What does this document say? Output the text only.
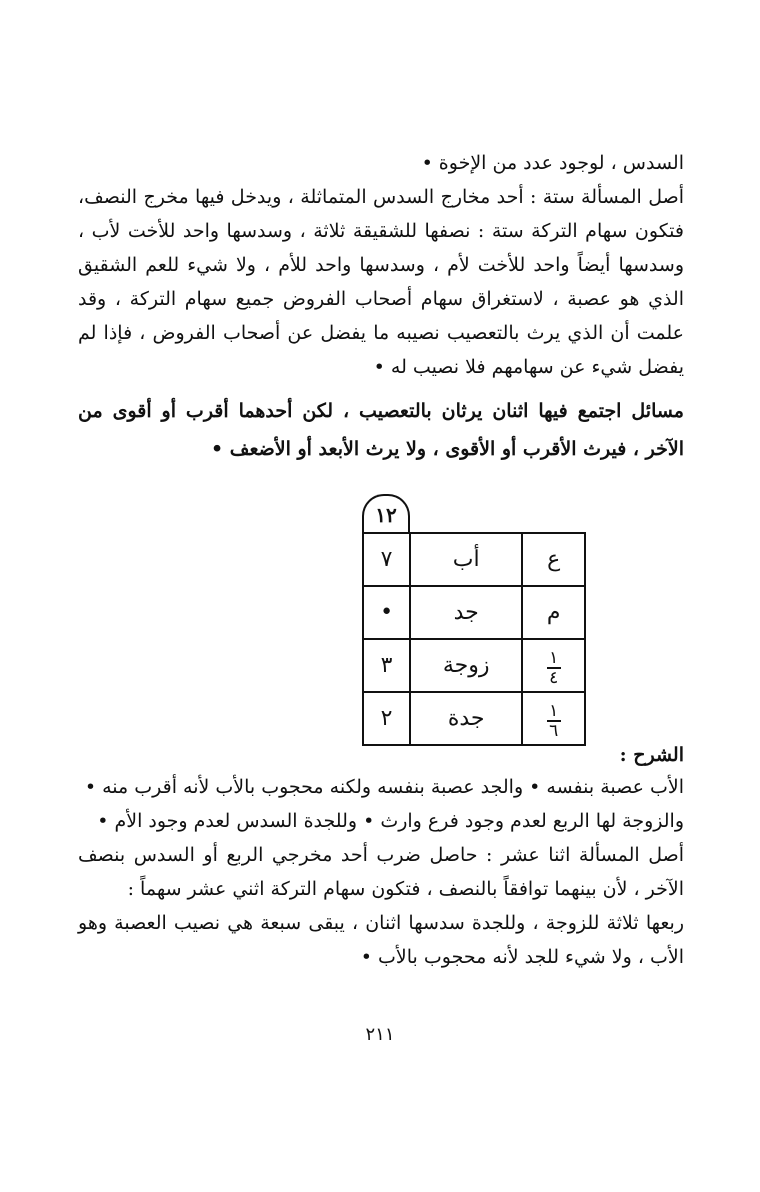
السدس ، لوجود عدد من الإخوة •

أصل المسألة ستة : أحد مخارج السدس المتماثلة ، ويدخل فيها مخرج النصف، فتكون سهام التركة ستة : نصفها للشقيقة ثلاثة ، وسدسها واحد للأخت لأب ، وسدسها أيضاً واحد للأخت لأم ، وسدسها واحد للأم ، ولا شيء للعم الشقيق الذي هو عصبة ، لاستغراق سهام أصحاب الفروض جميع سهام التركة ، وقد علمت أن الذي يرث بالتعصيب نصيبه ما يفضل عن أصحاب الفروض ، فإذا لم يفضل شيء عن سهامهم فلا نصيب له •

مسائل اجتمع فيها اثنان يرثان بالتعصيب ، لكن أحدهما أقرب أو أقوى من الآخر ، فيرث الأقرب أو الأقوى ، ولا يرث الأبعد أو الأضعف •

١٢
ع	أب	٧
م	جد	•

$\frac{١}{٤}$	زوجة	٣

$\frac{١}{٦}$	جدة	٢

الشرح :

الأب عصبة بنفسه • والجد عصبة بنفسه ولكنه محجوب بالأب لأنه أقرب منه •

والزوجة لها الربع لعدم وجود فرع وارث • وللجدة السدس لعدم وجود الأم •

أصل المسألة اثنا عشر : حاصل ضرب أحد مخرجي الربع أو السدس بنصف الآخر ، لأن بينهما توافقاً بالنصف ، فتكون سهام التركة اثني عشر سهماً :

ربعها ثلاثة للزوجة ، وللجدة سدسها اثنان ، يبقى سبعة هي نصيب العصبة وهو الأب ، ولا شيء للجد لأنه محجوب بالأب •

٢١١
